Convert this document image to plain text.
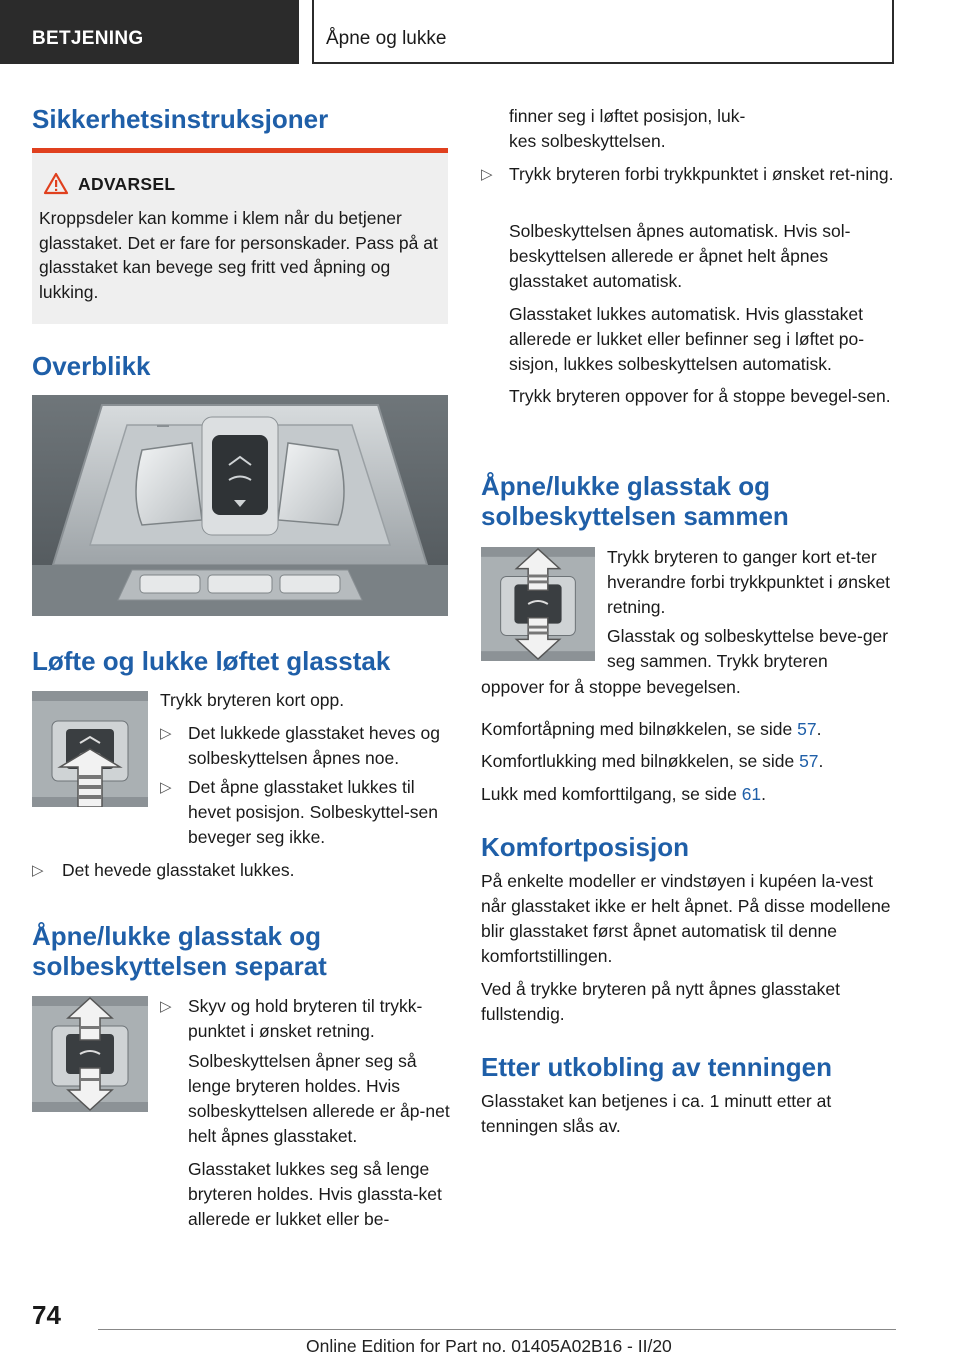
BETJENING	Åpne og lukke
Sikkerhetsinstruksjoner
ADVARSEL
Kroppsdeler kan komme i klem når du betjener glasstaket. Det er fare for personskader. Pass på at glasstaket kan bevege seg fritt ved åpning og lukking.
Overblikk
Løfte og lukke løftet glasstak
Trykk bryteren kort opp.
▷ Det lukkede glasstaket heves og solbeskyttelsen åpnes noe.
▷ Det åpne glasstaket lukkes til hevet posisjon. Solbeskyttel-sen beveger seg ikke.
▷ Det hevede glasstaket lukkes.
Åpne/lukke glasstak og solbeskyttelsen separat
▷ Skyv og hold bryteren til trykk-punktet i ønsket retning.
Solbeskyttelsen åpner seg så lenge bryteren holdes. Hvis solbeskyttelsen allerede er åp-net helt åpnes glasstaket.
Glasstaket lukkes seg så lenge bryteren holdes. Hvis glassta-ket allerede er lukket eller be-
finner seg i løftet posisjon, luk-kes solbeskyttelsen.
▷ Trykk bryteren forbi trykkpunktet i ønsket ret-ning.
Solbeskyttelsen åpnes automatisk. Hvis sol-beskyttelsen allerede er åpnet helt åpnes glasstaket automatisk.
Glasstaket lukkes automatisk. Hvis glasstaket allerede er lukket eller befinner seg i løftet po-sisjon, lukkes solbeskyttelsen automatisk.
Trykk bryteren oppover for å stoppe bevegel-sen.
Åpne/lukke glasstak og solbeskyttelsen sammen
Trykk bryteren to ganger kort et-ter hverandre forbi trykkpunktet i ønsket retning.
Glasstak og solbeskyttelse beve-ger seg sammen. Trykk bryteren
oppover for å stoppe bevegelsen.
Komfortåpning med bilnøkkelen, se side 57.
Komfortlukking med bilnøkkelen, se side 57.
Lukk med komforttilgang, se side 61.
Komfortposisjon
På enkelte modeller er vindstøyen i kupéen la-vest når glasstaket ikke er helt åpnet. På disse modellene blir glasstaket først åpnet automatisk til denne komfortstillingen.
Ved å trykke bryteren på nytt åpnes glasstaket fullstendig.
Etter utkobling av tenningen
Glasstaket kan betjenes i ca. 1 minutt etter at tenningen slås av.
74
Online Edition for Part no. 01405A02B16 - II/20
